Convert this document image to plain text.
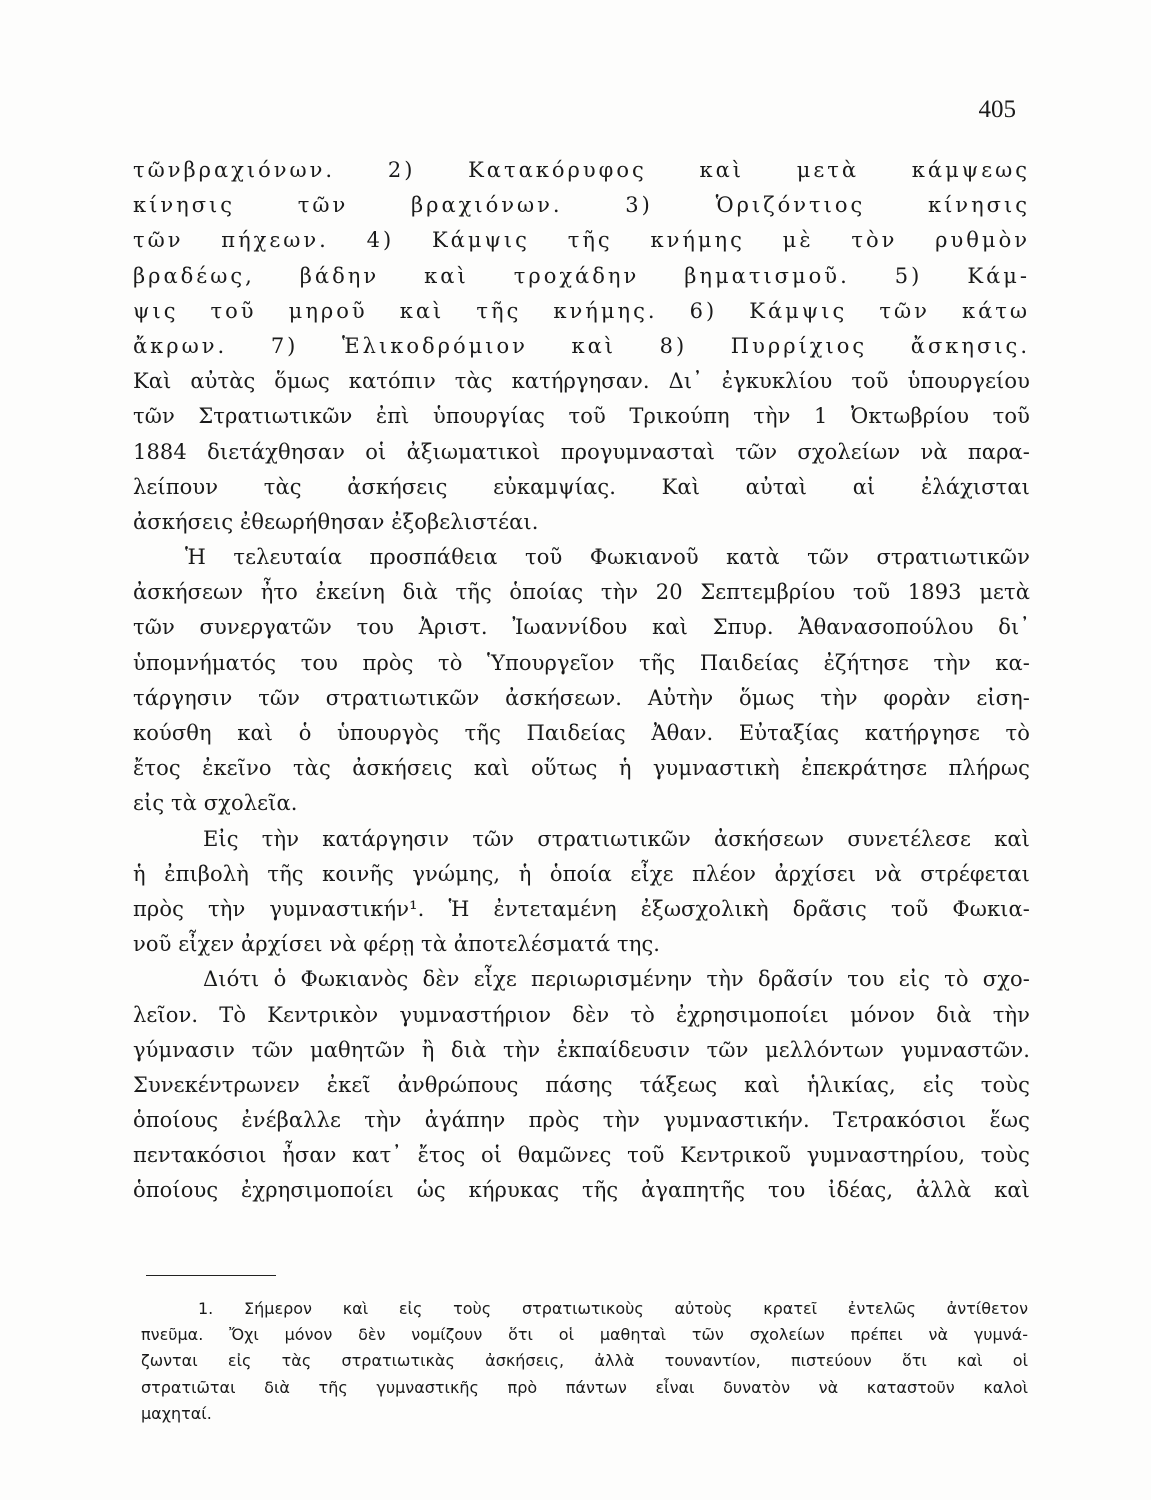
405
τῶνβραχιόνων. 2) Κατακόρυφος καὶ μετὰ κάμψεως
κίνησις τῶν βραχιόνων. 3) Ὁριζόντιος κίνησις
τῶν πήχεων. 4) Κάμψις τῆς κνήμης μὲ τὸν ρυθμὸν
βραδέως, βάδην καὶ τροχάδην βηματισμοῦ. 5) Κάμ-
ψις τοῦ μηροῦ καὶ τῆς κνήμης. 6) Κάμψις τῶν κάτω
ἄκρων. 7) Ἑλικοδρόμιον καὶ 8) Πυρρίχιος ἄσκησις.
Καὶ αὐτὰς ὅμως κατόπιν τὰς κατήργησαν. Δι᾽ ἐγκυκλίου τοῦ ὑπουργείου
τῶν Στρατιωτικῶν ἐπὶ ὑπουργίας τοῦ Τρικούπη τὴν 1 Ὀκτωβρίου τοῦ
1884 διετάχθησαν οἱ ἀξιωματικοὶ προγυμνασταὶ τῶν σχολείων νὰ παρα-
λείπουν τὰς ἀσκήσεις εὐκαμψίας. Καὶ αὐταὶ αἱ ἐλάχισται
ἀσκήσεις ἐθεωρήθησαν ἐξοβελιστέαι.
Ἡ τελευταία προσπάθεια τοῦ Φωκιανοῦ κατὰ τῶν στρατιωτικῶν
ἀσκήσεων ἦτο ἐκείνη διὰ τῆς ὁποίας τὴν 20 Σεπτεμβρίου τοῦ 1893 μετὰ
τῶν συνεργατῶν του Ἀριστ. Ἰωαννίδου καὶ Σπυρ. Ἀθανασοπούλου δι᾽
ὑπομνήματός του πρὸς τὸ Ὑπουργεῖον τῆς Παιδείας ἐζήτησε τὴν κα-
τάργησιν τῶν στρατιωτικῶν ἀσκήσεων. Αὐτὴν ὅμως τὴν φορὰν εἰση-
κούσθη καὶ ὁ ὑπουργὸς τῆς Παιδείας Ἀθαν. Εὐταξίας κατήργησε τὸ
ἔτος ἐκεῖνο τὰς ἀσκήσεις καὶ οὕτως ἡ γυμναστικὴ ἐπεκράτησε πλήρως
εἰς τὰ σχολεῖα.
Εἰς τὴν κατάργησιν τῶν στρατιωτικῶν ἀσκήσεων συνετέλεσε καὶ
ἡ ἐπιβολὴ τῆς κοινῆς γνώμης, ἡ ὁποία εἶχε πλέον ἀρχίσει νὰ στρέφεται
πρὸς τὴν γυμναστικήν¹. Ἡ ἐντεταμένη ἐξωσχολικὴ δρᾶσις τοῦ Φωκια-
νοῦ εἶχεν ἀρχίσει νὰ φέρῃ τὰ ἀποτελέσματά της.
Διότι ὁ Φωκιανὸς δὲν εἶχε περιωρισμένην τὴν δρᾶσίν του εἰς τὸ σχο-
λεῖον. Τὸ Κεντρικὸν γυμναστήριον δὲν τὸ ἐχρησιμοποίει μόνον διὰ τὴν
γύμνασιν τῶν μαθητῶν ἢ διὰ τὴν ἐκπαίδευσιν τῶν μελλόντων γυμναστῶν.
Συνεκέντρωνεν ἐκεῖ ἀνθρώπους πάσης τάξεως καὶ ἡλικίας, εἰς τοὺς
ὁποίους ἐνέβαλλε τὴν ἀγάπην πρὸς τὴν γυμναστικήν. Τετρακόσιοι ἕως
πεντακόσιοι ἦσαν κατ᾽ ἔτος οἱ θαμῶνες τοῦ Κεντρικοῦ γυμναστηρίου, τοὺς
ὁποίους ἐχρησιμοποίει ὡς κήρυκας τῆς ἀγαπητῆς του ἰδέας, ἀλλὰ καὶ
1. Σήμερον καὶ εἰς τοὺς στρατιωτικοὺς αὐτοὺς κρατεῖ ἐντελῶς ἀντίθετον
πνεῦμα. Ὄχι μόνον δὲν νομίζουν ὅτι οἱ μαθηταὶ τῶν σχολείων πρέπει νὰ γυμνά-
ζωνται εἰς τὰς στρατιωτικὰς ἀσκήσεις, ἀλλὰ τουναντίον, πιστεύουν ὅτι καὶ οἱ
στρατιῶται διὰ τῆς γυμναστικῆς πρὸ πάντων εἶναι δυνατὸν νὰ καταστοῦν καλοὶ
μαχηταί.
